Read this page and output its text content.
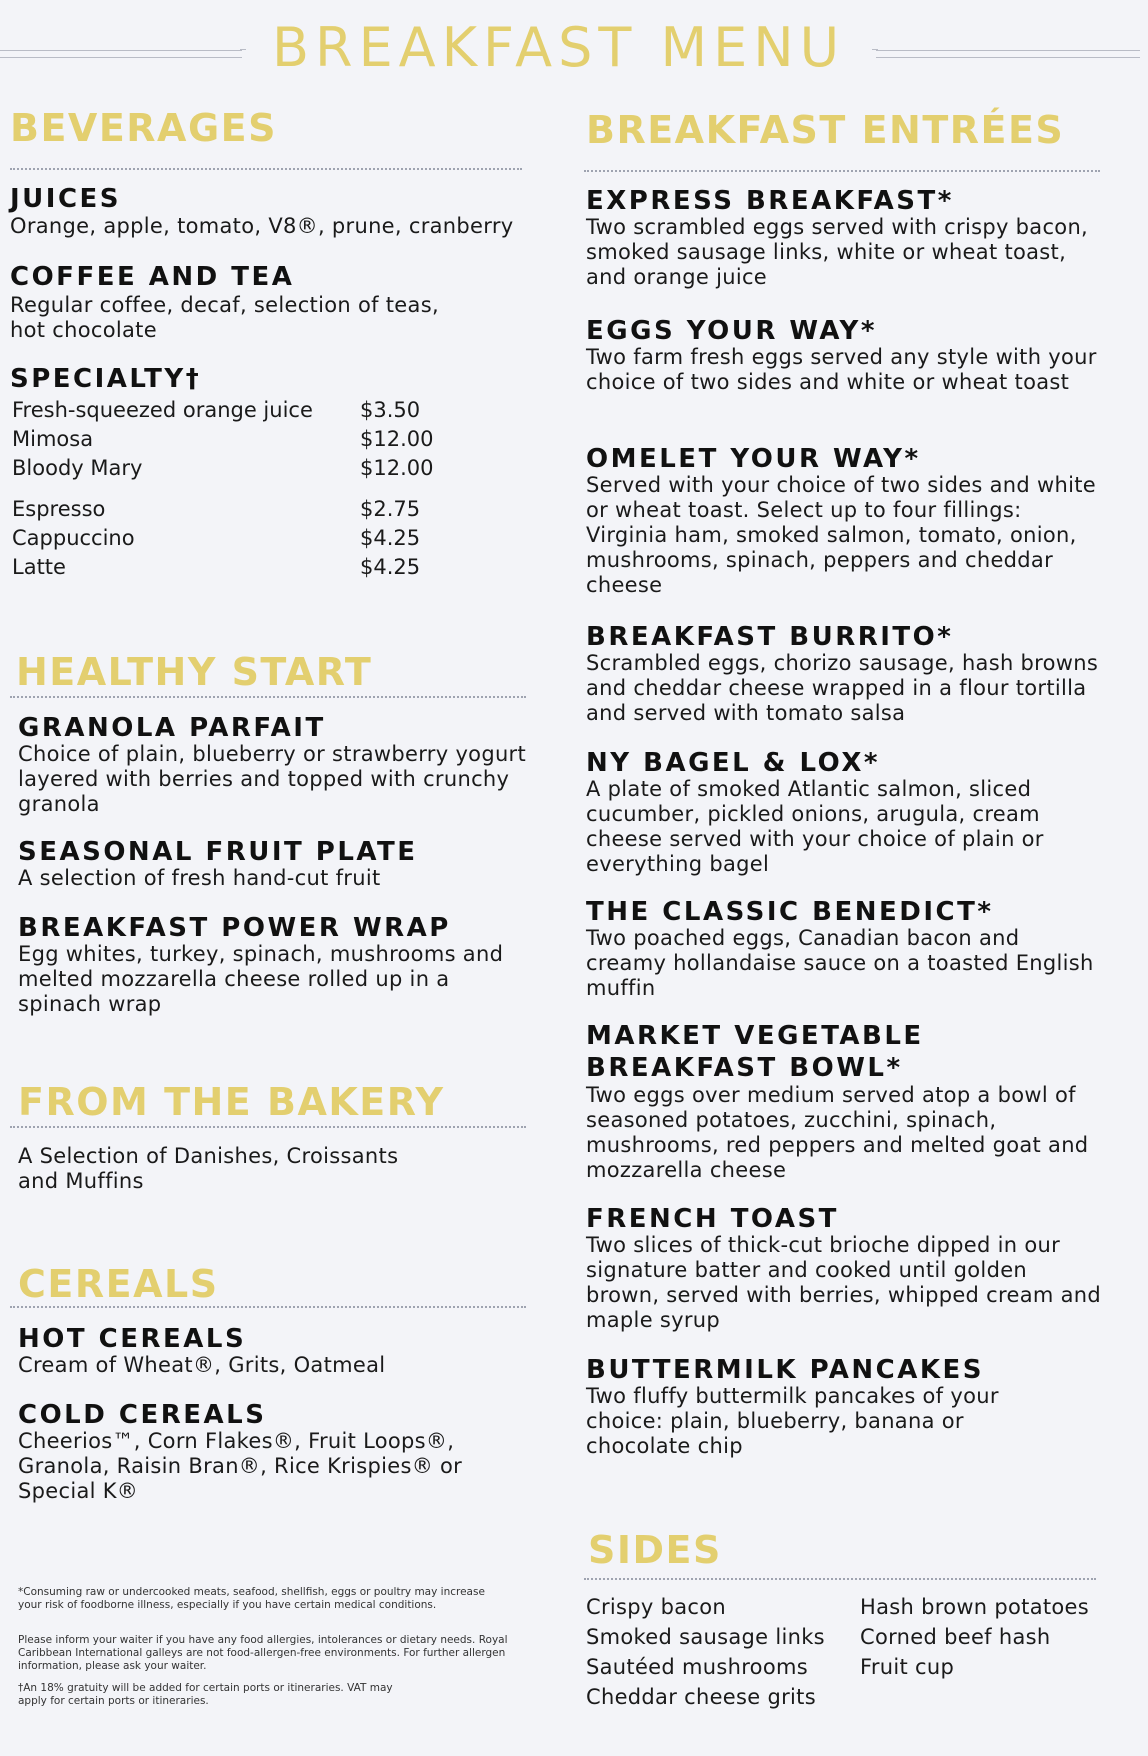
BREAKFAST MENU
BEVERAGES
JUICES
Orange, apple, tomato, V8®, prune, cranberry
COFFEE AND TEA
Regular coffee, decaf, selection of teas, hot chocolate
SPECIALTY†
Fresh-squeezed orange juice $3.50
Mimosa	$12.00
Bloody Mary	$12.00
Espresso	$2.75
Cappuccino	$4.25
Latte	$4.25
HEALTHY START
GRANOLA PARFAIT
Choice of plain, blueberry or strawberry yogurt layered with berries and topped with crunchy granola
SEASONAL FRUIT PLATE
A selection of fresh hand-cut fruit
BREAKFAST POWER WRAP
Egg whites, turkey, spinach, mushrooms and melted mozzarella cheese rolled up in a spinach wrap
FROM THE BAKERY
A Selection of Danishes, Croissants and Muffins
CEREALS
HOT CEREALS
Cream of Wheat®, Grits, Oatmeal
COLD CEREALS
Cheerios™, Corn Flakes®, Fruit Loops®, Granola, Raisin Bran®, Rice Krispies® or Special K®
*Consuming raw or undercooked meats, seafood, shellfish, eggs or poultry may increase your risk of foodborne illness, especially if you have certain medical conditions.
Please inform your waiter if you have any food allergies, intolerances or dietary needs. Royal Caribbean International galleys are not food-allergen-free environments. For further allergen information, please ask your waiter.
†An 18% gratuity will be added for certain ports or itineraries. VAT may apply for certain ports or itineraries.
BREAKFAST ENTRÉES
EXPRESS BREAKFAST*
Two scrambled eggs served with crispy bacon, smoked sausage links, white or wheat toast, and orange juice
EGGS YOUR WAY*
Two farm fresh eggs served any style with your choice of two sides and white or wheat toast
OMELET YOUR WAY*
Served with your choice of two sides and white or wheat toast. Select up to four fillings: Virginia ham, smoked salmon, tomato, onion, mushrooms, spinach, peppers and cheddar cheese
BREAKFAST BURRITO*
Scrambled eggs, chorizo sausage, hash browns and cheddar cheese wrapped in a flour tortilla and served with tomato salsa
NY BAGEL & LOX*
A plate of smoked Atlantic salmon, sliced cucumber, pickled onions, arugula, cream cheese served with your choice of plain or everything bagel
THE CLASSIC BENEDICT*
Two poached eggs, Canadian bacon and creamy hollandaise sauce on a toasted English muffin
MARKET VEGETABLE
BREAKFAST BOWL*
Two eggs over medium served atop a bowl of seasoned potatoes, zucchini, spinach, mushrooms, red peppers and melted goat and mozzarella cheese
FRENCH TOAST
Two slices of thick-cut brioche dipped in our signature batter and cooked until golden brown, served with berries, whipped cream and maple syrup
BUTTERMILK PANCAKES
Two fluffy buttermilk pancakes of your choice: plain, blueberry, banana or chocolate chip
SIDES
Crispy bacon
Smoked sausage links
Sautéed mushrooms
Cheddar cheese grits
Hash brown potatoes
Corned beef hash
Fruit cup
